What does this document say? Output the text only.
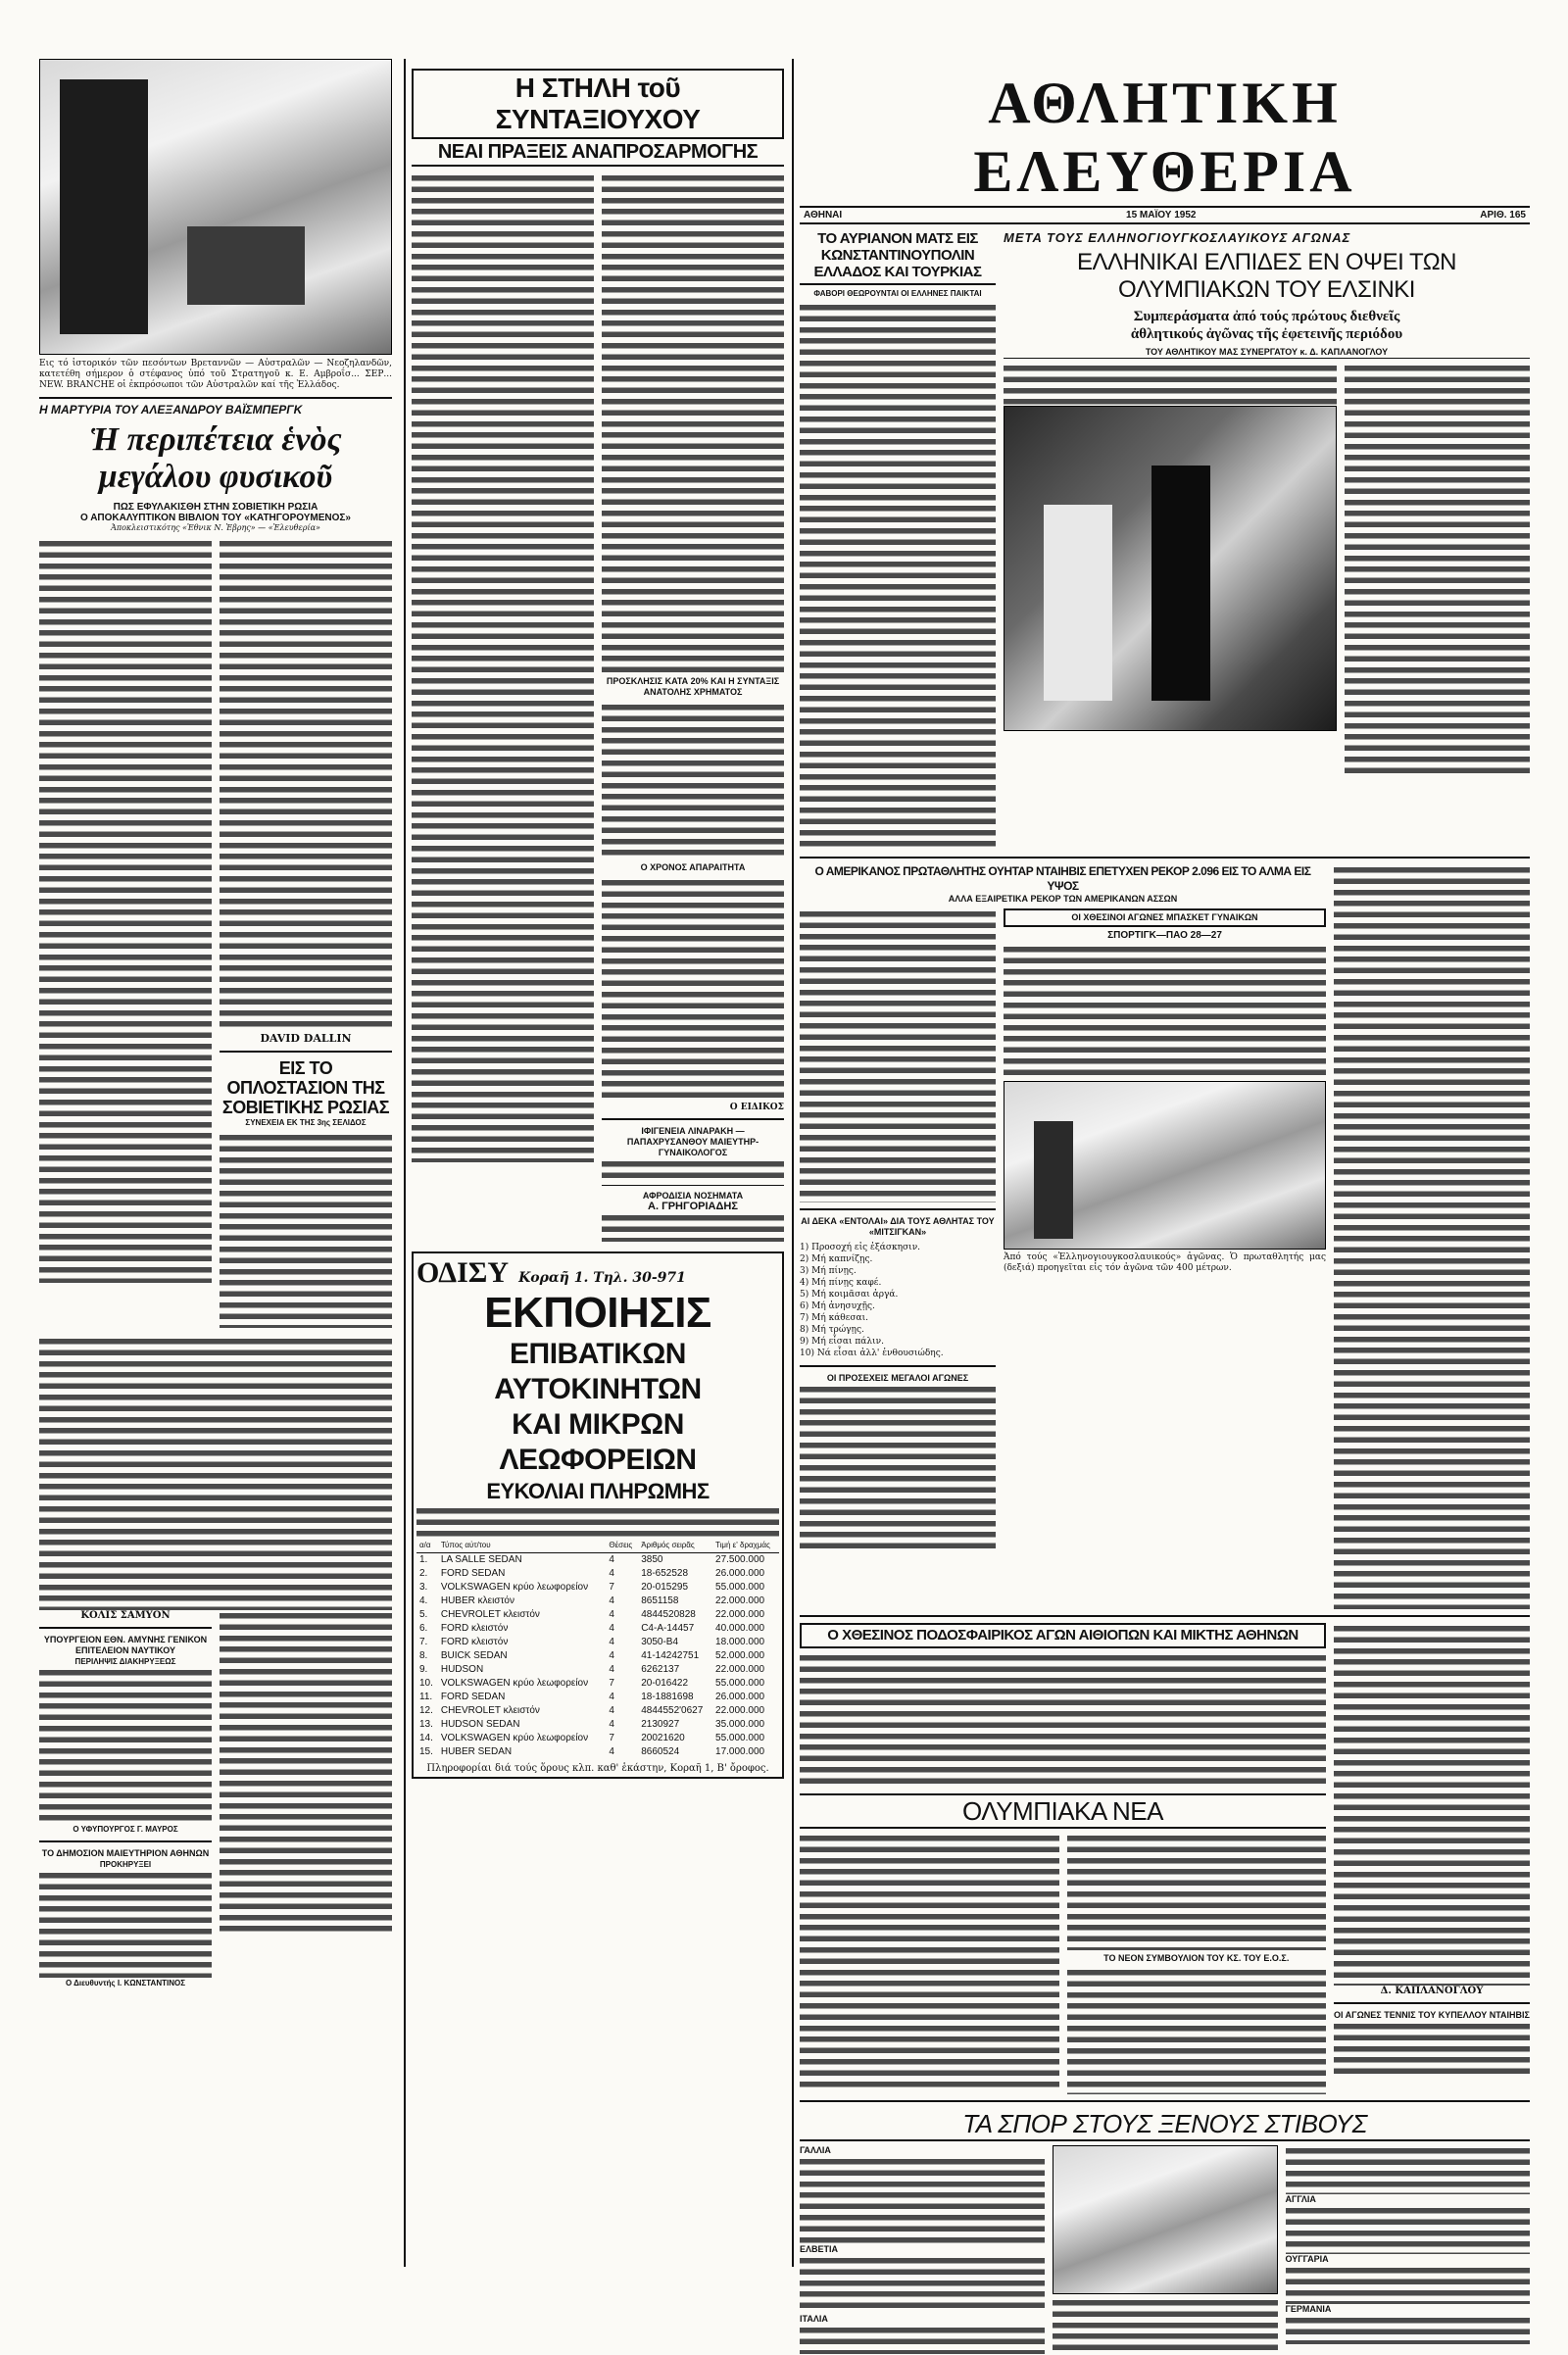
Εις τό ἱστορικόν τῶν πεσόντων Βρεταννῶν — Αὐστραλῶν — Νεοζηλανδῶν, κατετέθη σήμερον ὁ στέφανος ὑπό τοῦ Στρατηγοῦ κ. Ε. Αμβροΐσ... ΣΕΡ... ΝΕW. BRANCHE οἱ ἐκπρόσωποι τῶν Αὐστραλῶν καί τῆς Ἑλλάδος.
Η ΜΑΡΤΥΡΙΑ ΤΟΥ ΑΛΕΞΑΝΔΡΟΥ ΒΑΪΣΜΠΕΡΓΚ
Ἡ περιπέτεια ἑνὸς μεγάλου φυσικοῦ
ΠΩΣ ΕΦΥΛΑΚΙΣΘΗ ΣΤΗΝ ΣΟΒΙΕΤΙΚΗ ΡΩΣΙΑ
Ο ΑΠΟΚΑΛΥΠΤΙΚΟΝ ΒΙΒΛΙΟΝ ΤΟΥ «ΚΑΤΗΓΟΡΟΥΜΕΝΟΣ»
Ἀποκλειστικότης «Ἐθνικ Ν. Ἑβρης» — «Ἐλευθερία»
DAVID DALLIN
ΕΙΣ ΤΟ ΟΠΛΟΣΤΑΣΙΟΝ ΤΗΣ ΣΟΒΙΕΤΙΚΗΣ ΡΩΣΙΑΣ
ΣΥΝΕΧΕΙΑ ΕΚ ΤΗΣ 3ης ΣΕΛΙΔΟΣ
ΚΟΛΙΣ ΣΑΜΥΟΝ
ΥΠΟΥΡΓΕΙΟΝ ΕΘΝ. ΑΜΥΝΗΣ ΓΕΝΙΚΟΝ ΕΠΙΤΕΛΕΙΟΝ ΝΑΥΤΙΚΟΥ
ΠΕΡΙΛΗΨΙΣ ΔΙΑΚΗΡΥΞΕΩΣ
Ο ΥΦΥΠΟΥΡΓΟΣ Γ. ΜΑΥΡΟΣ
ΤΟ ΔΗΜΟΣΙΟΝ ΜΑΙΕΥΤΗΡΙΟΝ ΑΘΗΝΩΝ
ΠΡΟΚΗΡΥΞΕΙ
Ο Διευθυντής Ι. ΚΩΝΣΤΑΝΤΙΝΟΣ
Η ΣΤΗΛΗ τοῦ ΣΥΝΤΑΞΙΟΥΧΟΥ
ΝΕΑΙ ΠΡΑΞΕΙΣ ΑΝΑΠΡΟΣΑΡΜΟΓΗΣ
ΠΡΟΣΚΛΗΣΙΣ ΚΑΤΑ 20% ΚΑΙ Η ΣΥΝΤΑΞΙΣ ΑΝΑΤΟΛΗΣ ΧΡΗΜΑΤΟΣ
Ο ΧΡΟΝΟΣ ΑΠΑΡΑΙΤΗΤΑ
Ο ΕΙΔΙΚΟΣ
ΙΦΙΓΕΝΕΙΑ ΛΙΝΑΡΑΚΗ — ΠΑΠΑΧΡΥΣΑΝΘΟΥ ΜΑΙΕΥΤΗΡ-ΓΥΝΑΙΚΟΛΟΓΟΣ
ΑΦΡΟΔΙΣΙΑ ΝΟΣΗΜΑΤΑ
Α. ΓΡΗΓΟΡΙΑΔΗΣ
ΟΔΙΣΥ Κοραῆ 1. Τηλ. 30-971
ΕΚΠΟΙΗΣΙΣ
ΕΠΙΒΑΤΙΚΩΝ ΑΥΤΟΚΙΝΗΤΩΝ
ΚΑΙ ΜΙΚΡΩΝ ΛΕΩΦΟΡΕΙΩΝ
ΕΥΚΟΛΙΑΙ ΠΛΗΡΩΜΗΣ
α/α	Τύπος αὐτ/του	Θέσεις	Ἀριθμός σειρᾶς	Τιμή ε' δραχμάς
1.	LA SALLE SEDAN	4	3850	27.500.000
2.	FORD SEDAN	4	18-652528	26.000.000
3.	VOLKSWAGEN κρύο λεωφορείον	7	20-015295	55.000.000
4.	HUBER κλειστόν	4	8651158	22.000.000
5.	CHEVROLET κλειστόν	4	4844520828	22.000.000
6.	FORD κλειστόν	4	C4-A-14457	40.000.000
7.	FORD κλειστόν	4	3050-B4	18.000.000
8.	BUICK SEDAN	4	41-14242751	52.000.000
9.	HUDSON	4	6262137	22.000.000
10.	VOLKSWAGEN κρύο λεωφορείον	7	20-016422	55.000.000
11.	FORD SEDAN	4	18-1881698	26.000.000
12.	CHEVROLET κλειστόν	4	4844552'0627	22.000.000
13.	HUDSON SEDAN	4	2130927	35.000.000
14.	VOLKSWAGEN κρύο λεωφορείον	7	20021620	55.000.000
15.	HUBER SEDAN	4	8660524	17.000.000
Πληροφορίαι διά τούς ὅρους κλπ. καθ' ἑκάστην, Κοραῆ 1, Β' ὄροφος.
ΑΘΛΗΤΙΚΗ ΕΛΕΥΘΕΡΙΑ
ΑΘΗΝΑΙ	15 ΜΑΪΟΥ 1952	ΑΡΙΘ. 165
ΤΟ ΑΥΡΙΑΝΟΝ ΜΑΤΣ ΕΙΣ ΚΩΝΣΤΑΝΤΙΝΟΥΠΟΛΙΝ ΕΛΛΑΔΟΣ ΚΑΙ ΤΟΥΡΚΙΑΣ
ΦΑΒΟΡΙ ΘΕΩΡΟΥΝΤΑΙ ΟΙ ΕΛΛΗΝΕΣ ΠΑΙΚΤΑΙ
ΜΕΤΑ ΤΟΥΣ ΕΛΛΗΝΟΓΙΟΥΓΚΟΣΛΑΥΙΚΟΥΣ ΑΓΩΝΑΣ
ΕΛΛΗΝΙΚΑΙ ΕΛΠΙΔΕΣ ΕΝ ΟΨΕΙ ΤΩΝ ΟΛΥΜΠΙΑΚΩΝ ΤΟΥ ΕΛΣΙΝΚΙ
Συμπεράσματα ἀπό τούς πρώτους διεθνεῖς
ἀθλητικούς ἀγῶνας τῆς ἐφετεινῆς περιόδου
ΤΟΥ ΑΘΛΗΤΙΚΟΥ ΜΑΣ ΣΥΝΕΡΓΑΤΟΥ κ. Δ. ΚΑΠΛΑΝΟΓΛΟΥ
Ο ΑΜΕΡΙΚΑΝΟΣ ΠΡΩΤΑΘΛΗΤΗΣ ΟΥΗΤΑΡ ΝΤΑΙΗΒΙΣ ΕΠΕΤΥΧΕΝ ΡΕΚΟΡ 2.096 ΕΙΣ ΤΟ ΑΛΜΑ ΕΙΣ ΥΨΟΣ
ΑΛΛΑ ΕΞΑΙΡΕΤΙΚΑ ΡΕΚΟΡ ΤΩΝ ΑΜΕΡΙΚΑΝΩΝ ΑΣΣΩΝ
ΑΙ ΔΕΚΑ «ΕΝΤΟΛΑΙ» ΔΙΑ ΤΟΥΣ ΑΘΛΗΤΑΣ ΤΟΥ «ΜΙΤΣΙΓΚΑΝ»
1) Προσοχή εἰς ἐξάσκησιν.
2) Μή καπνίζῃς.
3) Μή πίνῃς.
4) Μή πίνῃς καφέ.
5) Μή κοιμᾶσαι ἀργά.
6) Μή ἀνησυχῇς.
7) Μή κάθεσαι.
8) Μή τρώγῃς.
9) Μή εἶσαι πάλιν.
10) Νά εἶσαι ἀλλ' ἐνθουσιώδης.
ΟΙ ΠΡΟΣΕΧΕΙΣ ΜΕΓΑΛΟΙ ΑΓΩΝΕΣ
ΟΙ ΧΘΕΣΙΝΟΙ ΑΓΩΝΕΣ ΜΠΑΣΚΕΤ ΓΥΝΑΙΚΩΝ
ΣΠΟΡΤΙΓΚ—ΠΑΟ 28—27
Ἀπό τούς «Ἑλληνογιουγκοσλαυικούς» ἀγῶνας. Ὁ πρωταθλητής μας (δεξιά) προηγεῖται εἰς τόν ἀγῶνα τῶν 400 μέτρων.
Ο ΧΘΕΣΙΝΟΣ ΠΟΔΟΣΦΑΙΡΙΚΟΣ ΑΓΩΝ ΑΙΘΙΟΠΩΝ ΚΑΙ ΜΙΚΤΗΣ ΑΘΗΝΩΝ
ΟΛΥΜΠΙΑΚΑ ΝΕΑ
ΤΟ ΝΕΟΝ ΣΥΜΒΟΥΛΙΟΝ ΤΟΥ ΚΣ. ΤΟΥ Ε.Ο.Σ.
Δ. ΚΑΠΛΑΝΟΓΛΟΥ
ΟΙ ΑΓΩΝΕΣ ΤΕΝΝΙΣ ΤΟΥ ΚΥΠΕΛΛΟΥ ΝΤΑΙΗΒΙΣ
ΤΑ ΣΠΟΡ ΣΤΟΥΣ ΞΕΝΟΥΣ ΣΤΙΒΟΥΣ
ΓΑΛΛΙΑ
ΕΛΒΕΤΙΑ
ΙΤΑΛΙΑ
ΑΓΓΛΙΑ
ΟΥΓΓΑΡΙΑ
ΓΕΡΜΑΝΙΑ
